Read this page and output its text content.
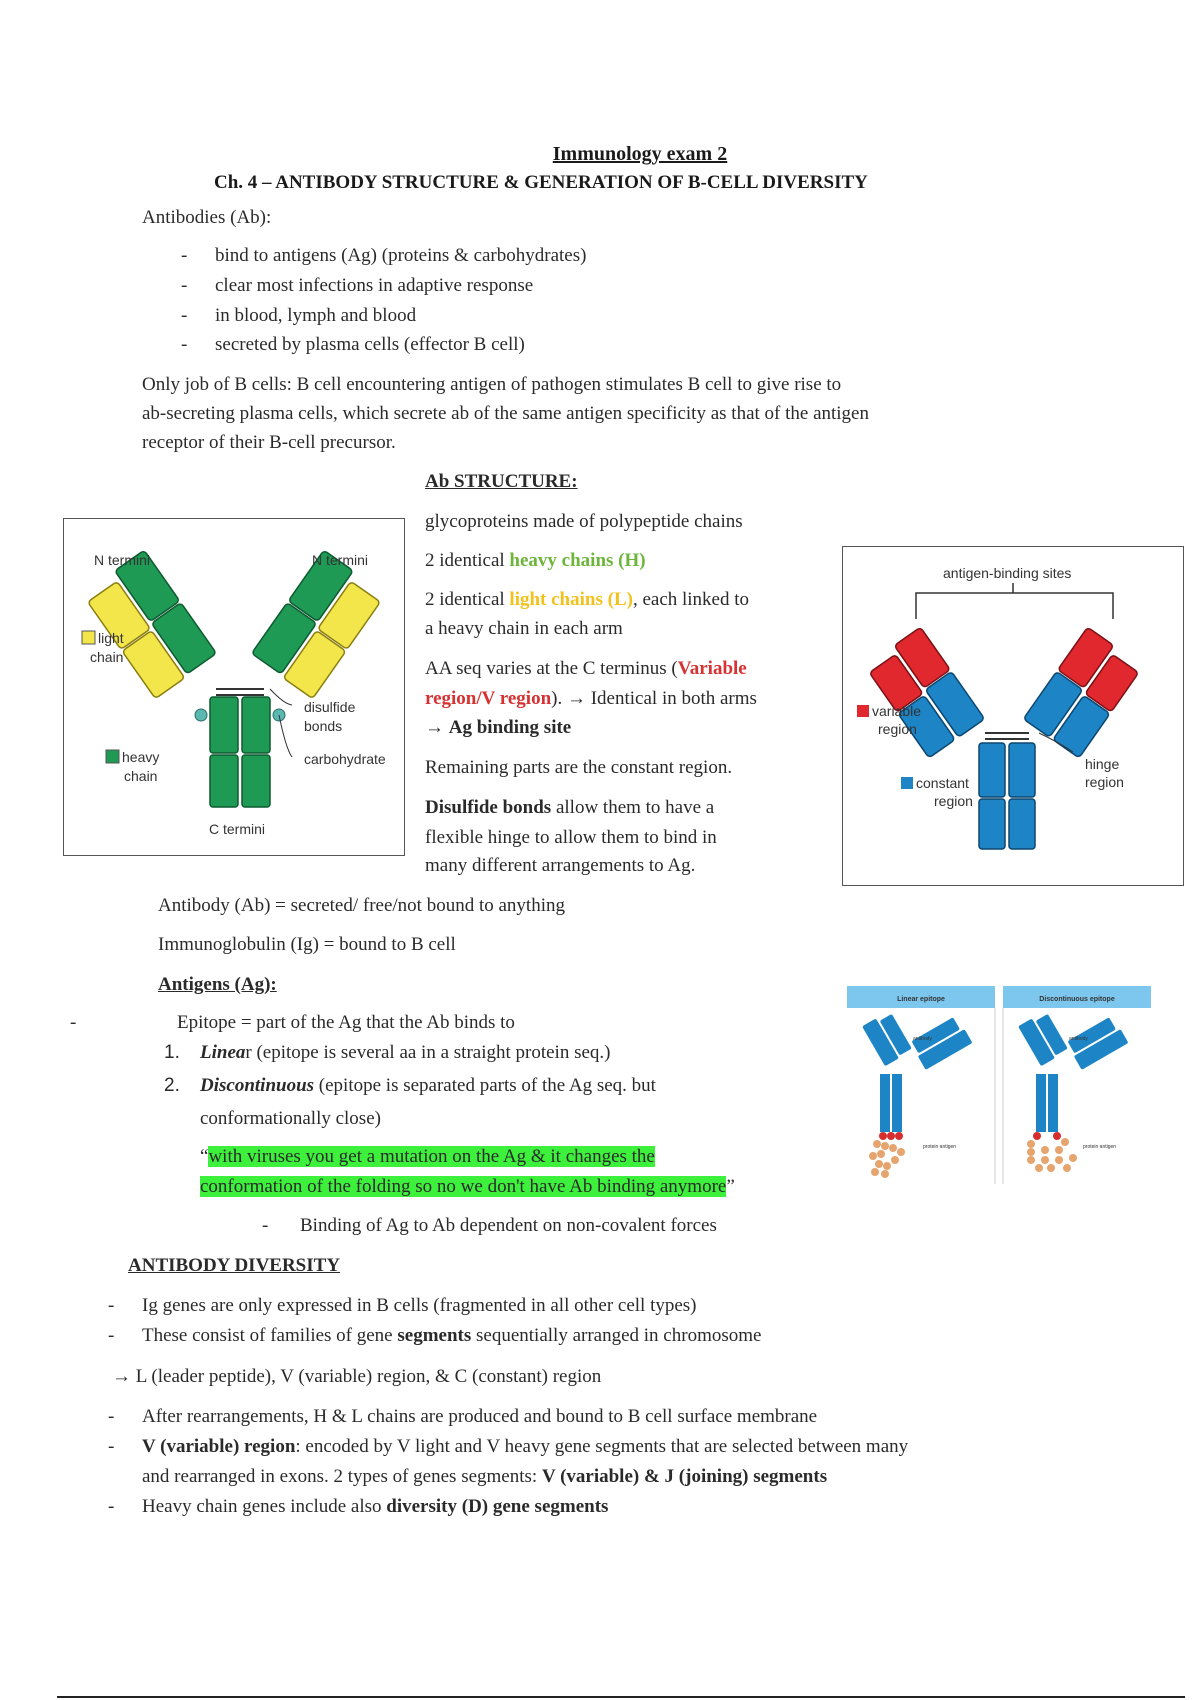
Immunology exam 2
Ch. 4 – ANTIBODY STRUCTURE & GENERATION OF B-CELL DIVERSITY
Antibodies (Ab):
- bind to antigens (Ag) (proteins & carbohydrates)
- clear most infections in adaptive response
- in blood, lymph and blood
- secreted by plasma cells (effector B cell)
Only job of B cells: B cell encountering antigen of pathogen stimulates B cell to give rise to
ab-secreting plasma cells, which secrete ab of the same antigen specificity as that of the antigen
receptor of their B-cell precursor.
Ab STRUCTURE:
glycoproteins made of polypeptide chains
2 identical heavy chains (H)
2 identical light chains (L), each linked to
a heavy chain in each arm
AA seq varies at the C terminus (Variable
region/V region). → Identical in both arms
→ Ag binding site
Remaining parts are the constant region.
Disulfide bonds allow them to have a
flexible hinge to allow them to bind in
many different arrangements to Ag.
N termini	N termini
light
chain
heavy
chain
disulfide
bonds
carbohydrate
C termini
antigen-binding sites
variable
region
constant
region
hinge
region
Antibody (Ab) = secreted/ free/not bound to anything
Immunoglobulin (Ig) = bound to B cell
Antigens (Ag):
-	Epitope = part of the Ag that the Ab binds to
1. Linear (epitope is several aa in a straight protein seq.)
2. Discontinuous (epitope is separated parts of the Ag seq. but
conformationally close)
“with viruses you get a mutation on the Ag & it changes the
conformation of the folding so no we don't have Ab binding anymore”
- Binding of Ag to Ab dependent on non-covalent forces
Linear epitope	Discontinuous epitope
antibody
protein antigen
antibody
protein antigen
ANTIBODY DIVERSITY
- Ig genes are only expressed in B cells (fragmented in all other cell types)
- These consist of families of gene segments sequentially arranged in chromosome
→ L (leader peptide), V (variable) region, & C (constant) region
- After rearrangements, H & L chains are produced and bound to B cell surface membrane
- V (variable) region: encoded by V light and V heavy gene segments that are selected between many
and rearranged in exons. 2 types of genes segments: V (variable) & J (joining) segments
- Heavy chain genes include also diversity (D) gene segments
